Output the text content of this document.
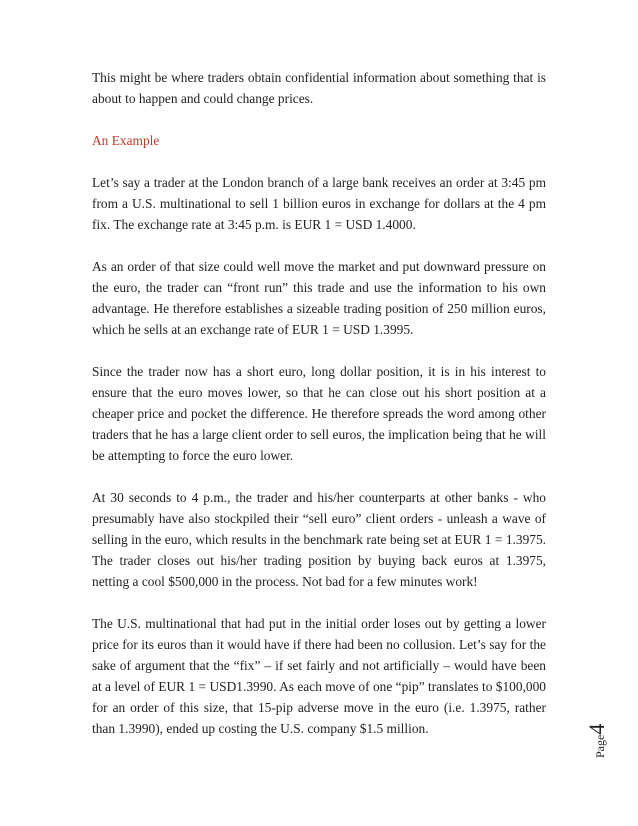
This might be where traders obtain confidential information about something that is about to happen and could change prices.

An Example

Let’s say a trader at the London branch of a large bank receives an order at 3:45 pm from a U.S. multinational to sell 1 billion euros in exchange for dollars at the 4 pm fix. The exchange rate at 3:45 p.m. is EUR 1 = USD 1.4000.

As an order of that size could well move the market and put downward pressure on the euro, the trader can “front run” this trade and use the information to his own advantage. He therefore establishes a sizeable trading position of 250 million euros, which he sells at an exchange rate of EUR 1 = USD 1.3995.

Since the trader now has a short euro, long dollar position, it is in his interest to ensure that the euro moves lower, so that he can close out his short position at a cheaper price and pocket the difference. He therefore spreads the word among other traders that he has a large client order to sell euros, the implication being that he will be attempting to force the euro lower.

At 30 seconds to 4 p.m., the trader and his/her counterparts at other banks - who presumably have also stockpiled their “sell euro” client orders - unleash a wave of selling in the euro, which results in the benchmark rate being set at EUR 1 = 1.3975. The trader closes out his/her trading position by buying back euros at 1.3975, netting a cool $500,000 in the process. Not bad for a few minutes work!

The U.S. multinational that had put in the initial order loses out by getting a lower price for its euros than it would have if there had been no collusion. Let’s say for the sake of argument that the “fix” – if set fairly and not artificially – would have been at a level of EUR 1 = USD1.3990. As each move of one “pip” translates to $100,000 for an order of this size, that 15-pip adverse move in the euro (i.e. 1.3975, rather than 1.3990), ended up costing the U.S. company $1.5 million.

Page4
